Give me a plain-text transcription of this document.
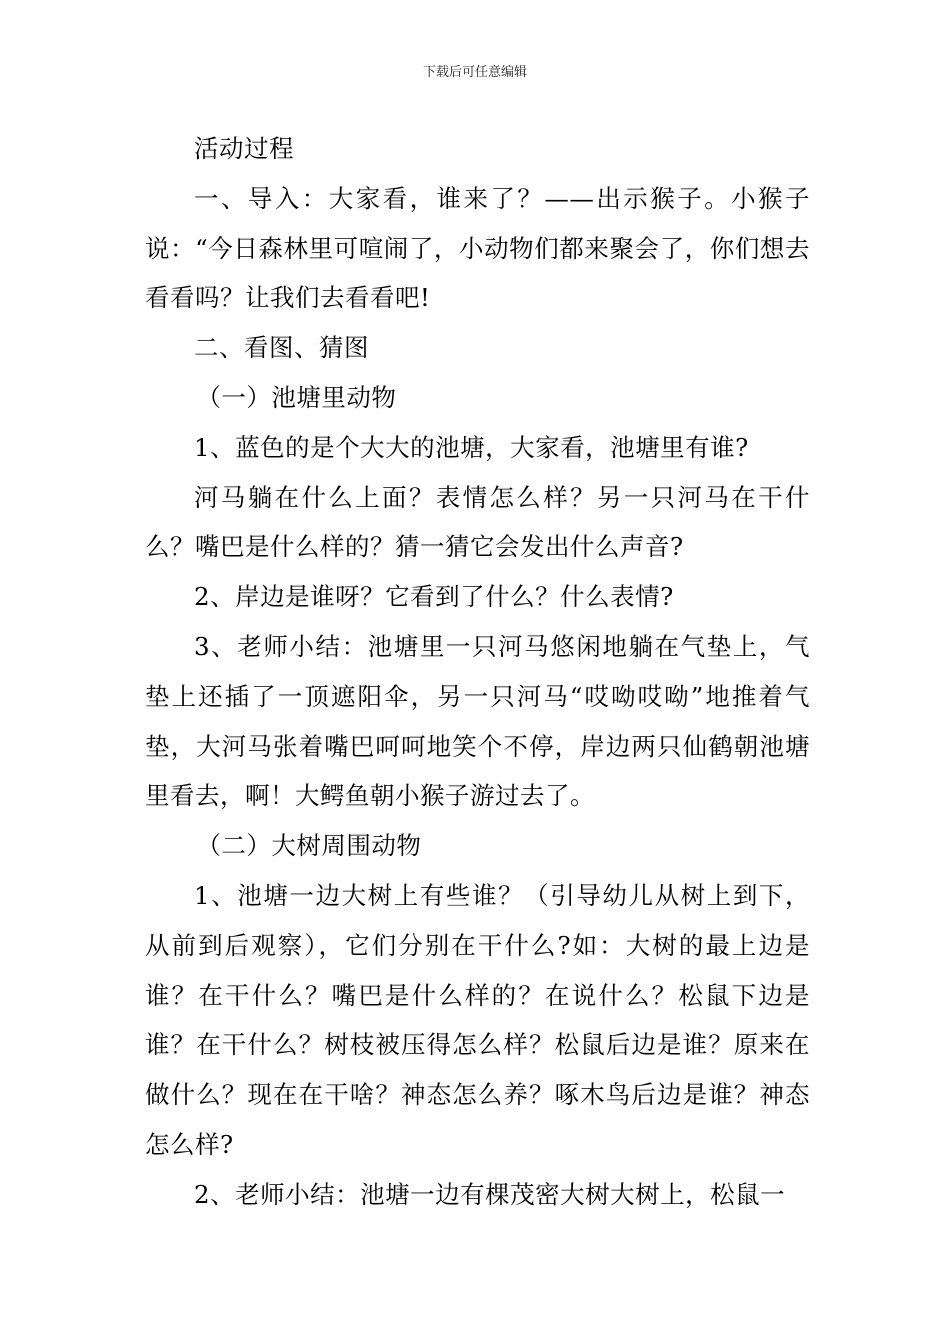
下载后可任意编辑

活动过程

一、导入：大家看，谁来了？——出示猴子。小猴子说：“今日森林里可喧闹了，小动物们都来聚会了，你们想去看看吗？让我们去看看吧!

二、看图、猜图

（一）池塘里动物

1、蓝色的是个大大的池塘，大家看，池塘里有谁?

河马躺在什么上面？表情怎么样？另一只河马在干什么？嘴巴是什么样的？猜一猜它会发出什么声音?

2、岸边是谁呀？它看到了什么？什么表情?

3、老师小结：池塘里一只河马悠闲地躺在气垫上，气垫上还插了一顶遮阳伞，另一只河马“哎呦哎呦”地推着气垫，大河马张着嘴巴呵呵地笑个不停，岸边两只仙鹤朝池塘里看去，啊！大鳄鱼朝小猴子游过去了。

（二）大树周围动物

1、池塘一边大树上有些谁？（引导幼儿从树上到下，从前到后观察），它们分别在干什么?如：大树的最上边是谁？在干什么？嘴巴是什么样的？在说什么？松鼠下边是谁？在干什么？树枝被压得怎么样？松鼠后边是谁？原来在做什么？现在在干啥？神态怎么养？啄木鸟后边是谁？神态怎么样?

2、老师小结：池塘一边有棵茂密大树大树上，松鼠一
